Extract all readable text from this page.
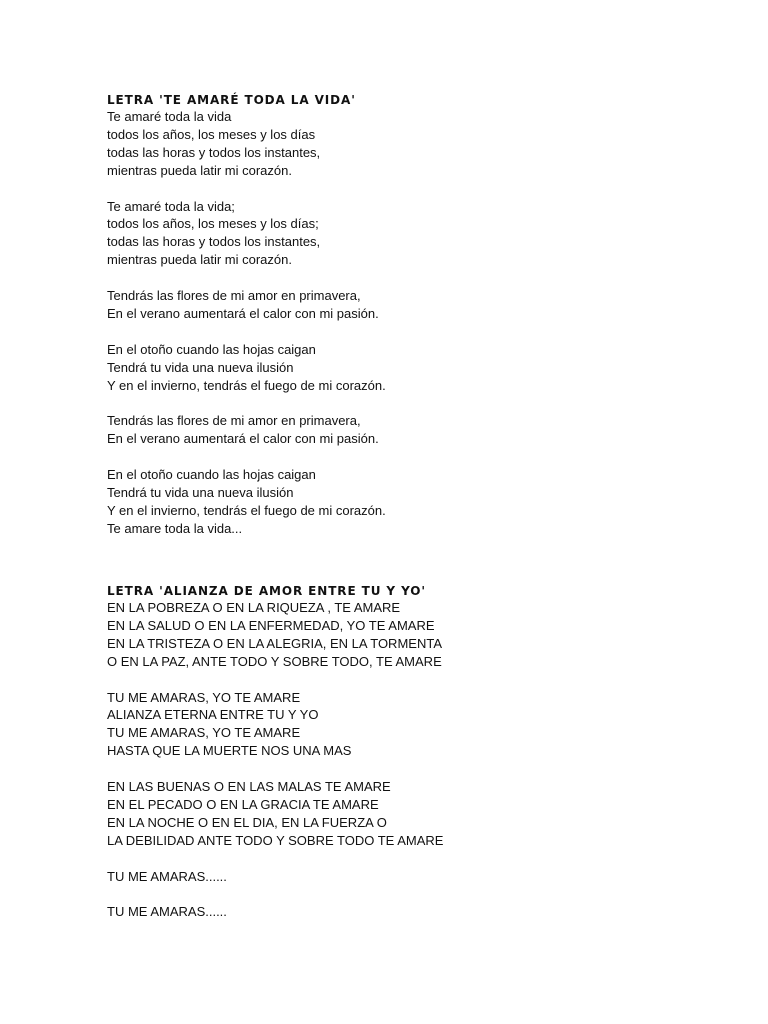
LETRA 'TE AMARÉ TODA LA VIDA'
Te amaré toda la vida
todos los años, los meses y los días
todas las horas y todos los instantes,
mientras pueda latir mi corazón.
Te amaré toda la vida;
todos los años, los meses y los días;
todas las horas y todos los instantes,
mientras pueda latir mi corazón.
Tendrás las flores de mi amor en primavera,
En el verano aumentará el calor con mi pasión.
En el otoño cuando las hojas caigan
Tendrá tu vida una nueva ilusión
Y en el invierno, tendrás el fuego de mi corazón.
Tendrás las flores de mi amor en primavera,
En el verano aumentará el calor con mi pasión.
En el otoño cuando las hojas caigan
Tendrá tu vida una nueva ilusión
Y en el invierno, tendrás el fuego de mi corazón.
Te amare toda la vida...
LETRA 'ALIANZA DE AMOR ENTRE TU Y YO'
EN LA POBREZA O EN LA RIQUEZA , TE AMARE
EN LA SALUD O EN LA ENFERMEDAD, YO TE AMARE
EN LA TRISTEZA O EN LA ALEGRIA, EN LA TORMENTA
O EN LA PAZ, ANTE TODO Y SOBRE TODO, TE AMARE
TU ME AMARAS, YO TE AMARE
ALIANZA ETERNA ENTRE TU Y YO
TU ME AMARAS, YO TE AMARE
HASTA QUE LA MUERTE NOS UNA MAS
EN LAS BUENAS O EN LAS MALAS TE AMARE
EN EL PECADO O EN LA GRACIA TE AMARE
EN LA NOCHE O EN EL DIA, EN LA FUERZA O
LA DEBILIDAD ANTE TODO Y SOBRE TODO TE AMARE
TU ME AMARAS......
TU ME AMARAS......
